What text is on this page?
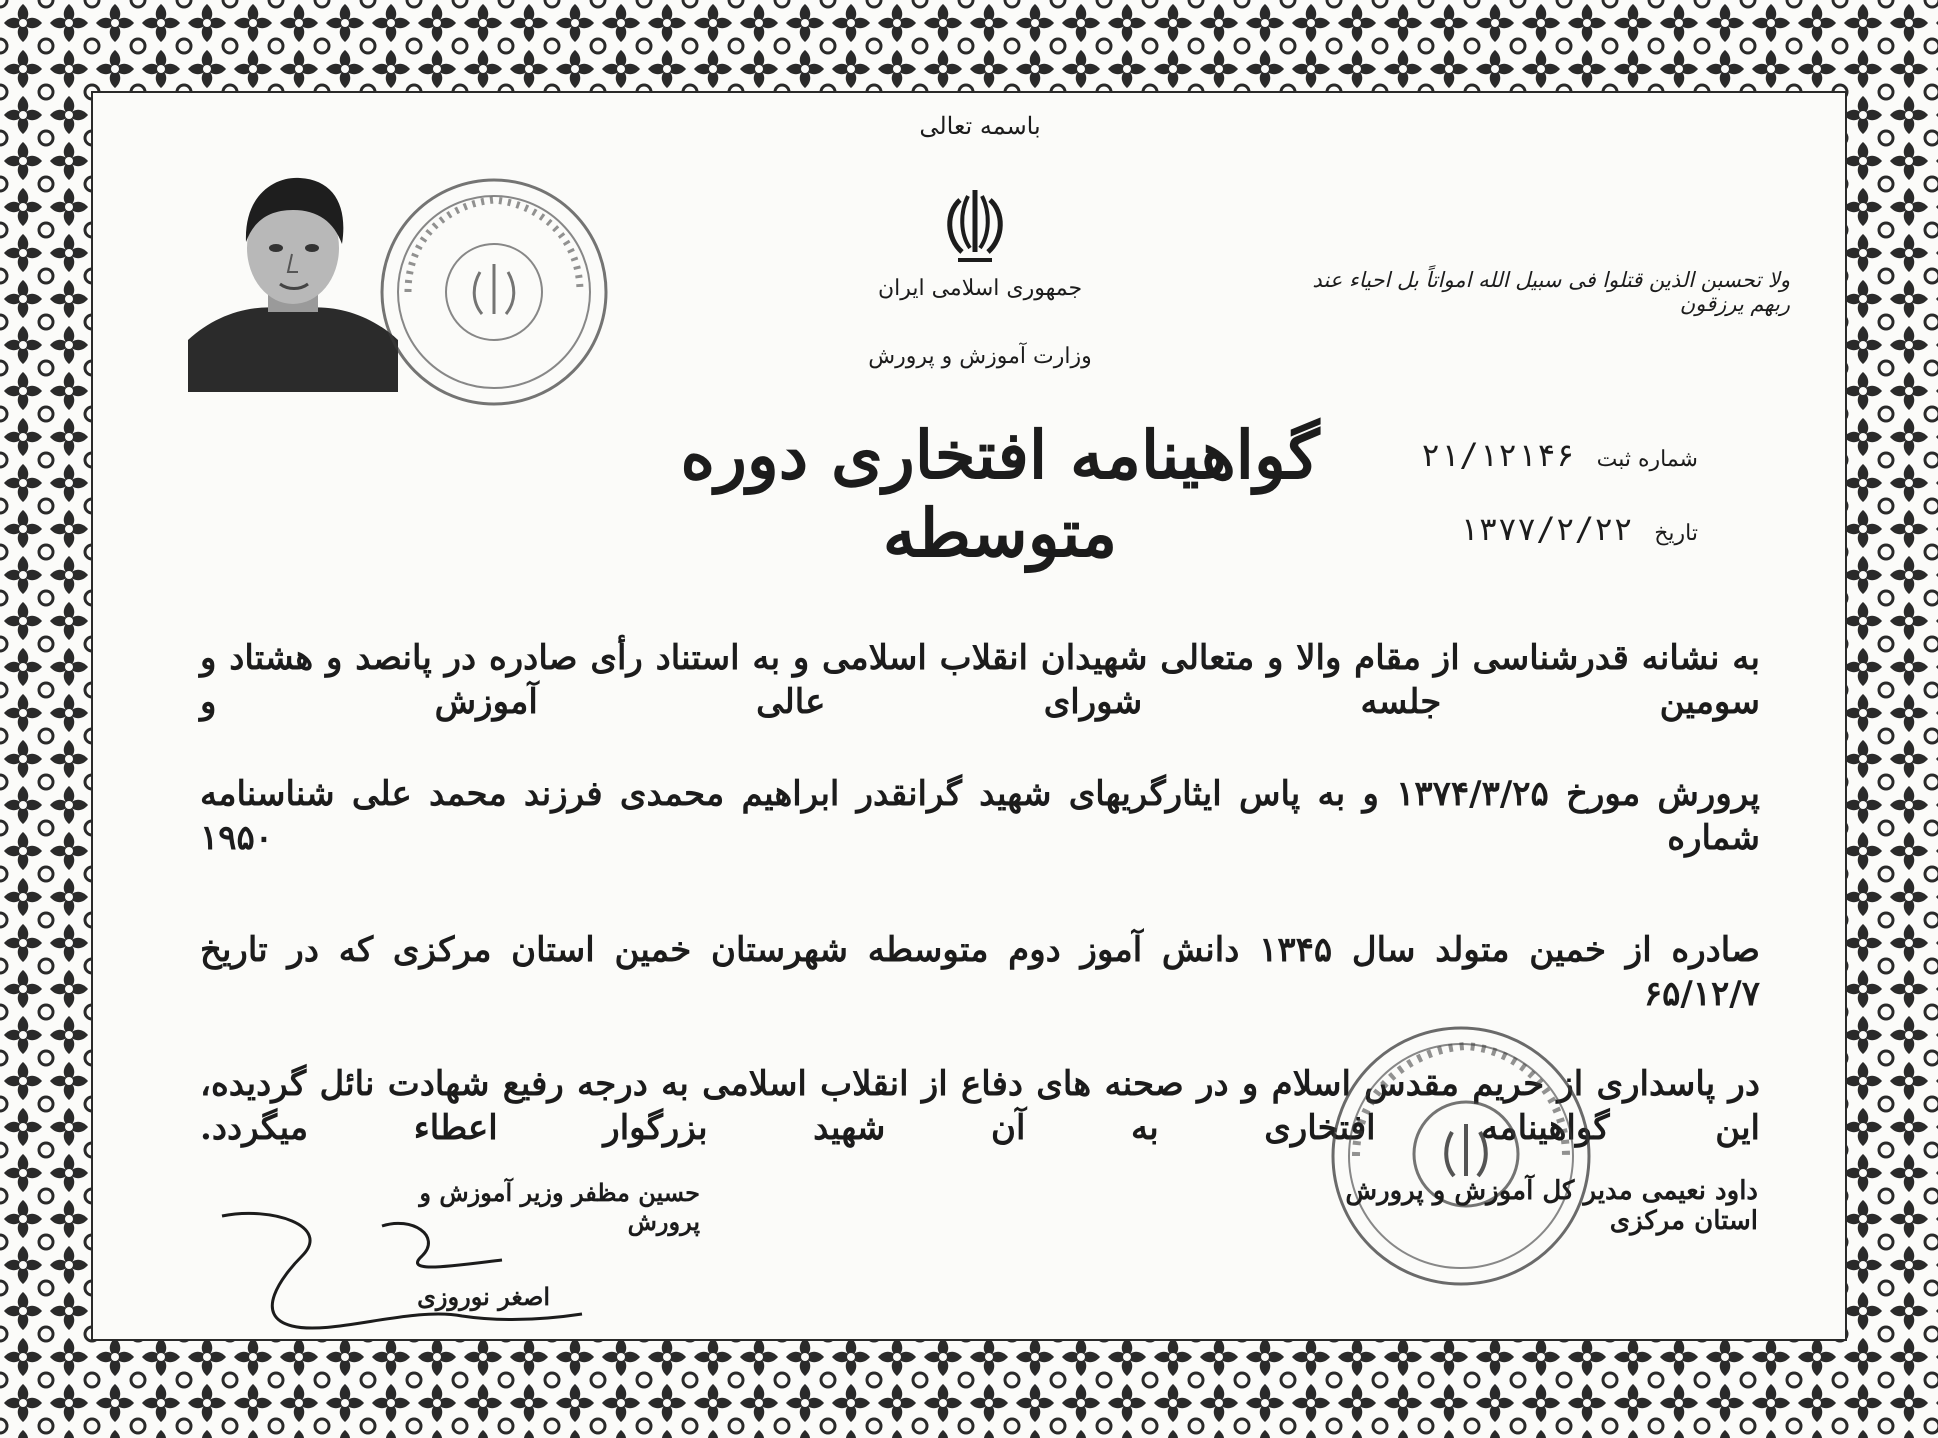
باسمه تعالی
جمهوری اسلامی ایران
وزارت آموزش و پرورش
ولا تحسبن الذین قتلوا فی سبیل الله امواتاً بل احیاء عند ربهم یرزقون
گواهینامه افتخاری دوره متوسطه
شماره ثبت ۲۱/۱۲۱۴۶
تاریخ ۱۳۷۷/۲/۲۲
به نشانه قدرشناسی از مقام والا و متعالی شهیدان انقلاب اسلامی و به استناد رأی صادره در پانصد و هشتاد و سومین جلسه شورای عالی آموزش و
پرورش مورخ ۱۳۷۴/۳/۲۵ و به پاس ایثارگریهای شهید گرانقدر ابراهیم محمدی فرزند محمد علی شناسنامه شماره ۱۹۵۰
صادره از خمین متولد سال ۱۳۴۵ دانش آموز دوم متوسطه شهرستان خمین استان مرکزی که در تاریخ ۶۵/۱۲/۷
در پاسداری از حریم مقدس اسلام و در صحنه های دفاع از انقلاب اسلامی به درجه رفیع شهادت نائل گردیده، این گواهینامه افتخاری به آن شهید بزرگوار اعطاء میگردد.
داود نعیمی مدیر کل آموزش و پرورش استان مرکزی
حسین مظفر وزیر آموزش و پرورش
اصغر نوروزی
